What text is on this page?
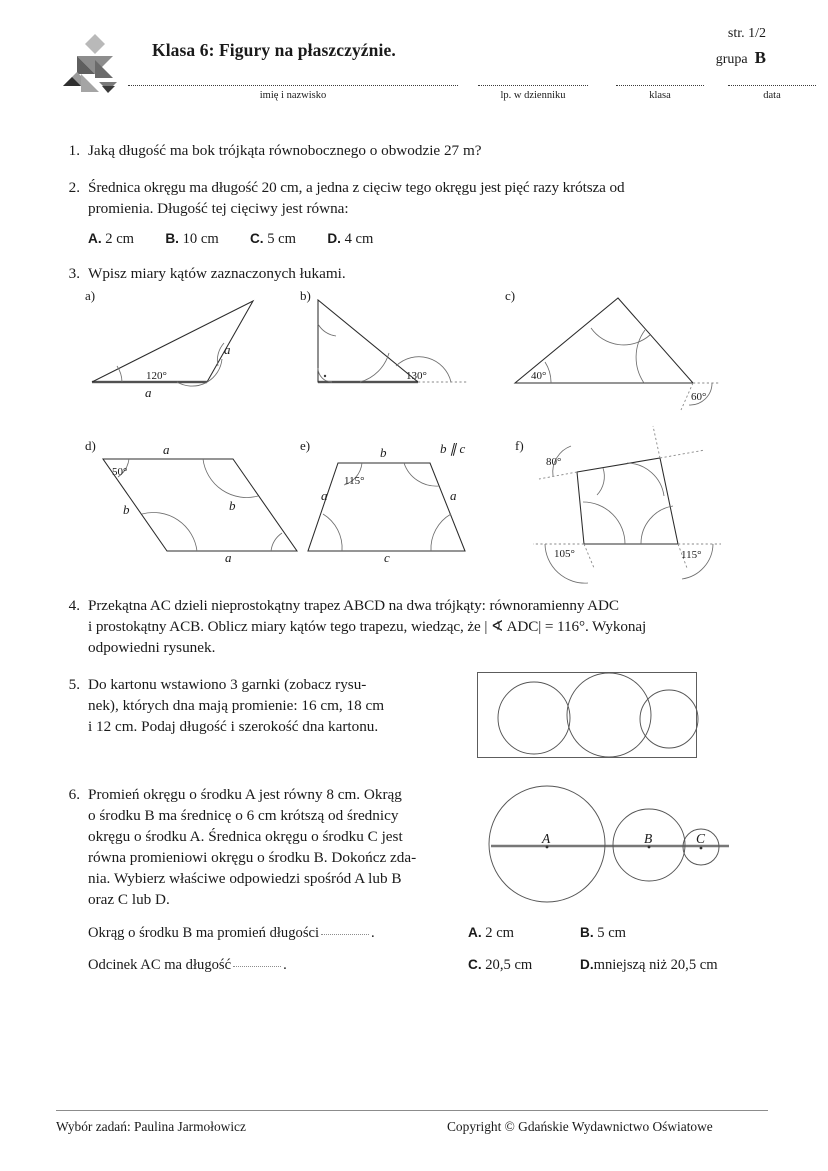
Klasa 6: Figury na płaszczyźnie.
str. 1/2
grupa B
imię i nazwisko	lp. w dzienniku	klasa	data
1. Jaką długość ma bok trójkąta równobocznego o obwodzie 27 m?
2. Średnica okręgu ma długość 20 cm, a jedna z cięciw tego okręgu jest pięć razy krótsza od
promienia. Długość tej cięciwy jest równa:
A. 2 cm B. 10 cm C. 5 cm D. 4 cm
3. Wpisz miary kątów zaznaczonych łukami.
a)
120°
a
a
b)
130°
c)
40°
60°
d)
50°
a
b
b
a
e)
115°
b
c
a	a
b ∥ c	f)
80°
105°	115°
4. Przekątna AC dzieli nieprostokątny trapez ABCD na dwa trójkąty: równoramienny ADC
i prostokątny ACB. Oblicz miary kątów tego trapezu, wiedząc, że | ∢ ADC| = 116°. Wykonaj
odpowiedni rysunek.
5. Do kartonu wstawiono 3 garnki (zobacz rysu-
nek), których dna mają promienie: 16 cm, 18 cm
i 12 cm. Podaj długość i szerokość dna kartonu.
6. Promień okręgu o środku A jest równy 8 cm. Okrąg
o środku B ma średnicę o 6 cm krótszą od średnicy
okręgu o środku A. Średnica okręgu o środku C jest
równa promieniowi okręgu o środku B. Dokończ zda-
nia. Wybierz właściwe odpowiedzi spośród A lub B
oraz C lub D.
A	B	C
Okrąg o środku B ma promień długości	.
Odcinek AC ma długość	.
A. 2 cm	B. 5 cm
C. 20,5 cm	D.mniejszą niż 20,5 cm
Wybór zadań: Paulina Jarmołowicz	Copyright © Gdańskie Wydawnictwo Oświatowe
